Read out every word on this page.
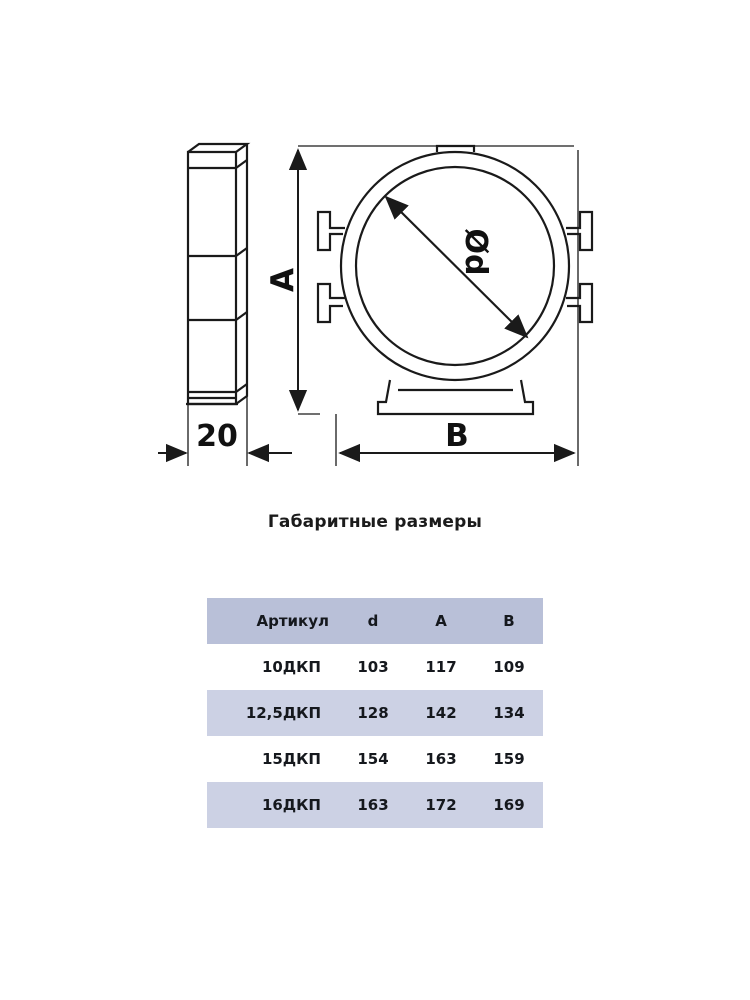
Ød
A
B
20
Габаритные размеры
Артикул	d	A	B
10ДКП	103	117	109
12,5ДКП	128	142	134
15ДКП	154	163	159
16ДКП	163	172	169
